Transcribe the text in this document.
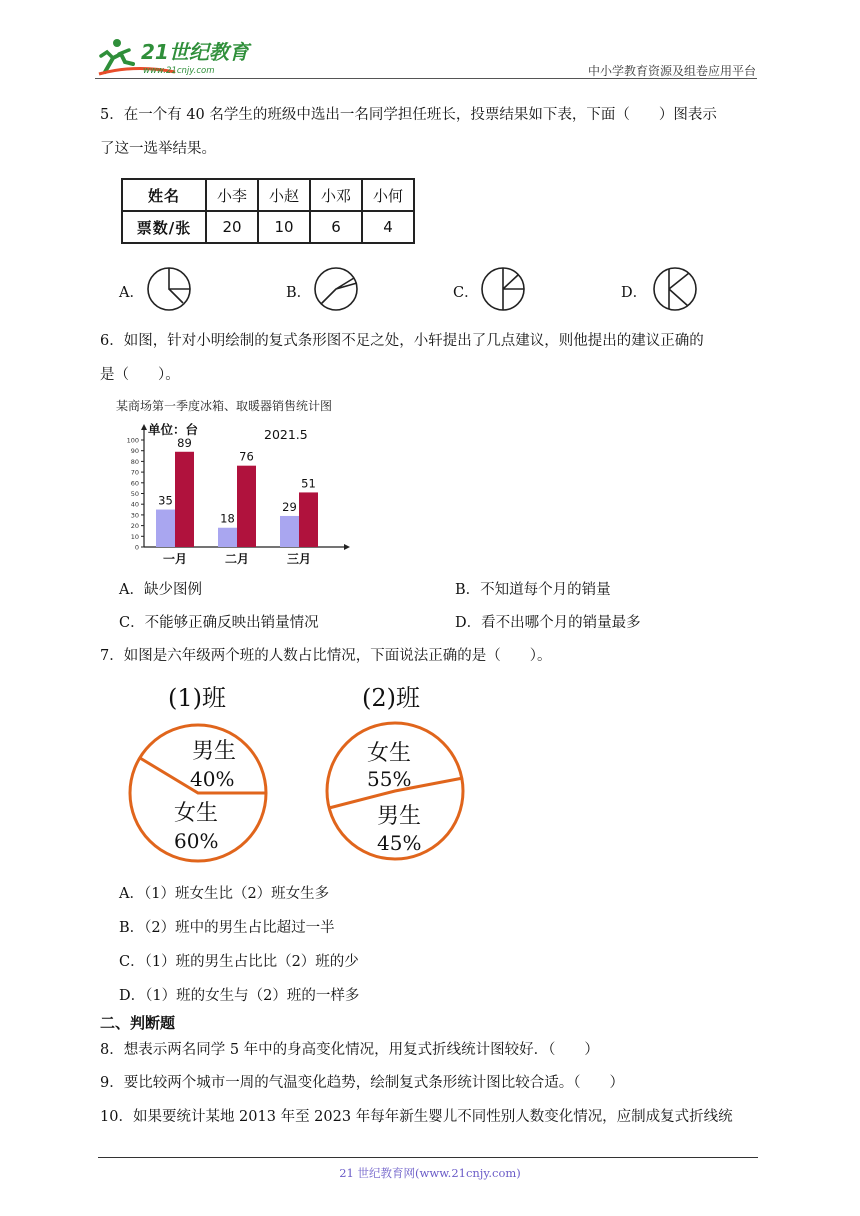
21世纪教育
www.21cnjy.com	中小学教育资源及组卷应用平台
5．在一个有 40 名学生的班级中选出一名同学担任班长，投票结果如下表，下面（　　）图表示
了这一选举结果。
姓名	小李	小赵	小邓	小何
票数/张	20	10	6	4
A．	B．	C．	D．
6．如图，针对小明绘制的复式条形图不足之处，小轩提出了几点建议，则他提出的建议正确的
是（　　）。
某商场第一季度冰箱、取暖器销售统计图
单位：台	2021.5
0
10
20
30
40
50
60
70
80
90
100
35
89
一月
18
76
二月
29
51
三月
A．缺少图例	B．不知道每个月的销量
C．不能够正确反映出销量情况	D．看不出哪个月的销量最多
7．如图是六年级两个班的人数占比情况，下面说法正确的是（　　）。
(1)班	(2)班
男生
40%
女生
60%
女生
55%
男生
45%
A．（1）班女生比（2）班女生多
B．（2）班中的男生占比超过一半
C．（1）班的男生占比比（2）班的少
D．（1）班的女生与（2）班的一样多
二、判断题
8．想表示两名同学 5 年中的身高变化情况，用复式折线统计图较好．（　　）
9．要比较两个城市一周的气温变化趋势，绘制复式条形统计图比较合适。（　　）
10．如果要统计某地 2013 年至 2023 年每年新生婴儿不同性别人数变化情况，应制成复式折线统
21 世纪教育网(www.21cnjy.com)
